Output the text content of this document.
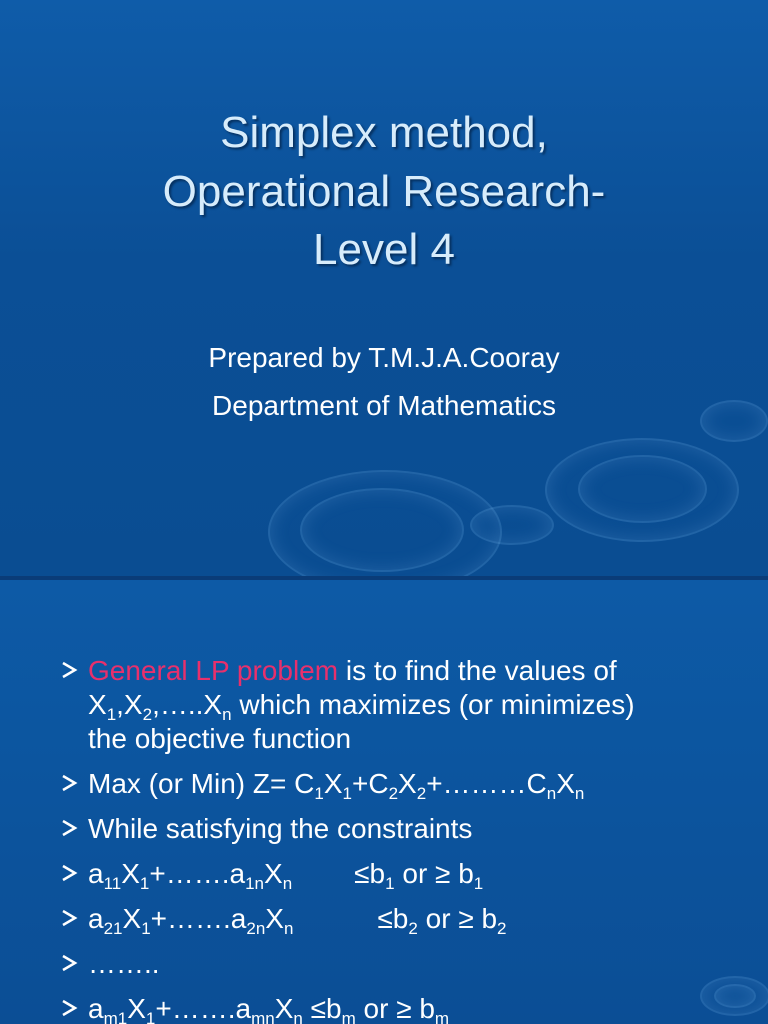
Simplex method,
Operational Research-
Level 4
Prepared by T.M.J.A.Cooray
Department of Mathematics
General LP problem is to find the values of
$X_1,X_2,\dots..X_n$ which maximizes (or minimizes)
the objective function
Max (or Min) $Z= C_1X_1+C_2X_2+\dots\dots\dots C_nX_n$
While satisfying the constraints
$a_{11}X_1+\dots\dots.a_{1n}X_n \le b_1$ or ≥ $b_1$
$a_{21}X_1+\dots\dots.a_{2n}X_n$	$\le b_2$ or ≥ $b_2$
……..
$a_{m1}X_1+\dots\dots.a_{mn}X_n \le b_m$ or ≥ $b_m$
